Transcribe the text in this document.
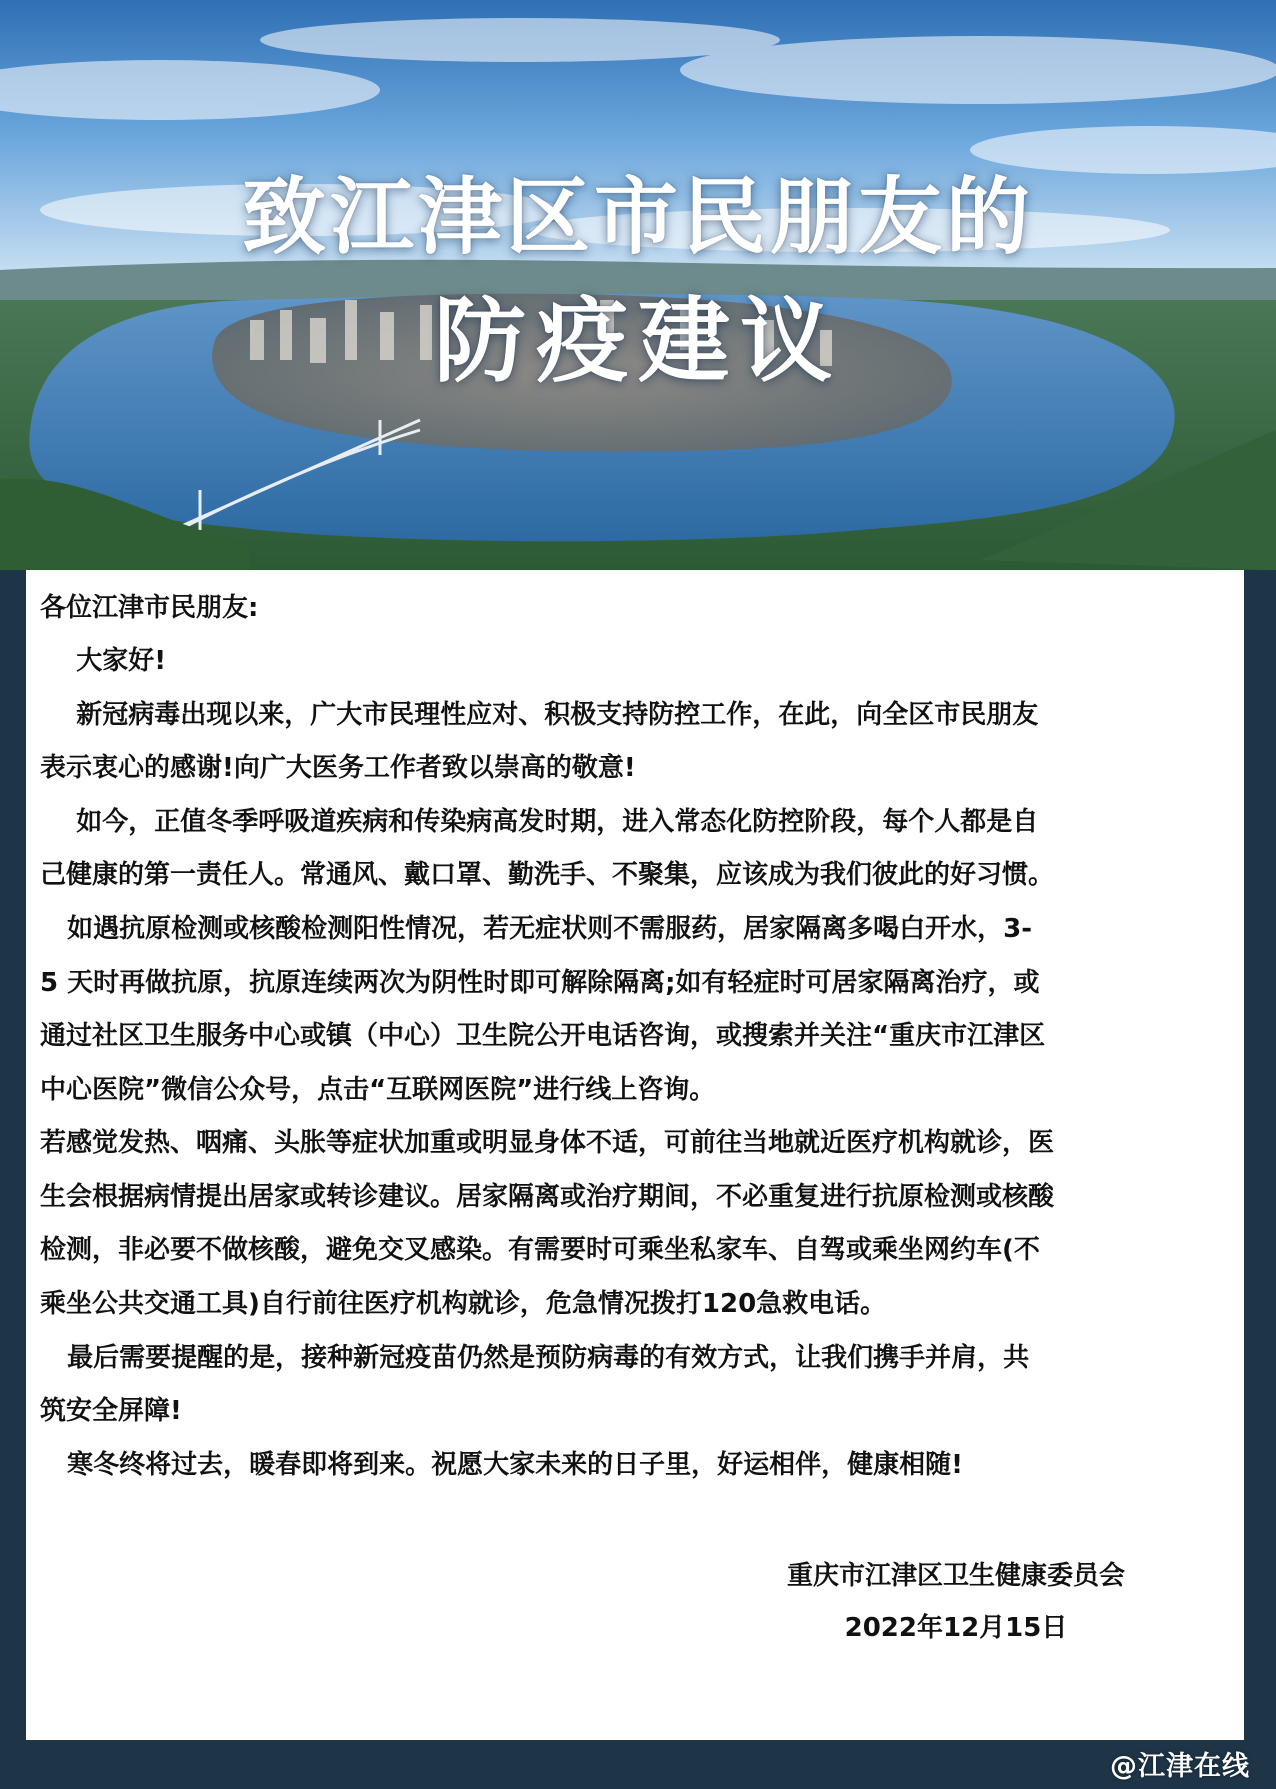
致江津区市民朋友的
防疫建议

各位江津市民朋友:

大家好!

新冠病毒出现以来，广大市民理性应对、积极支持防控工作，在此，向全区市民朋友

表示衷心的感谢!向广大医务工作者致以崇高的敬意!

如今，正值冬季呼吸道疾病和传染病高发时期，进入常态化防控阶段，每个人都是自

己健康的第一责任人。常通风、戴口罩、勤洗手、不聚集，应该成为我们彼此的好习惯。

如遇抗原检测或核酸检测阳性情况，若无症状则不需服药，居家隔离多喝白开水，3-

5 天时再做抗原，抗原连续两次为阴性时即可解除隔离;如有轻症时可居家隔离治疗，或

通过社区卫生服务中心或镇（中心）卫生院公开电话咨询，或搜索并关注“重庆市江津区

中心医院”微信公众号，点击“互联网医院”进行线上咨询。

若感觉发热、咽痛、头胀等症状加重或明显身体不适，可前往当地就近医疗机构就诊，医

生会根据病情提出居家或转诊建议。居家隔离或治疗期间，不必重复进行抗原检测或核酸

检测，非必要不做核酸，避免交叉感染。有需要时可乘坐私家车、自驾或乘坐网约车(不

乘坐公共交通工具)自行前往医疗机构就诊，危急情况拨打120急救电话。

最后需要提醒的是，接种新冠疫苗仍然是预防病毒的有效方式，让我们携手并肩，共

筑安全屏障!

寒冬终将过去，暖春即将到来。祝愿大家未来的日子里，好运相伴，健康相随!

重庆市江津区卫生健康委员会

2022年12月15日

@江津在线
